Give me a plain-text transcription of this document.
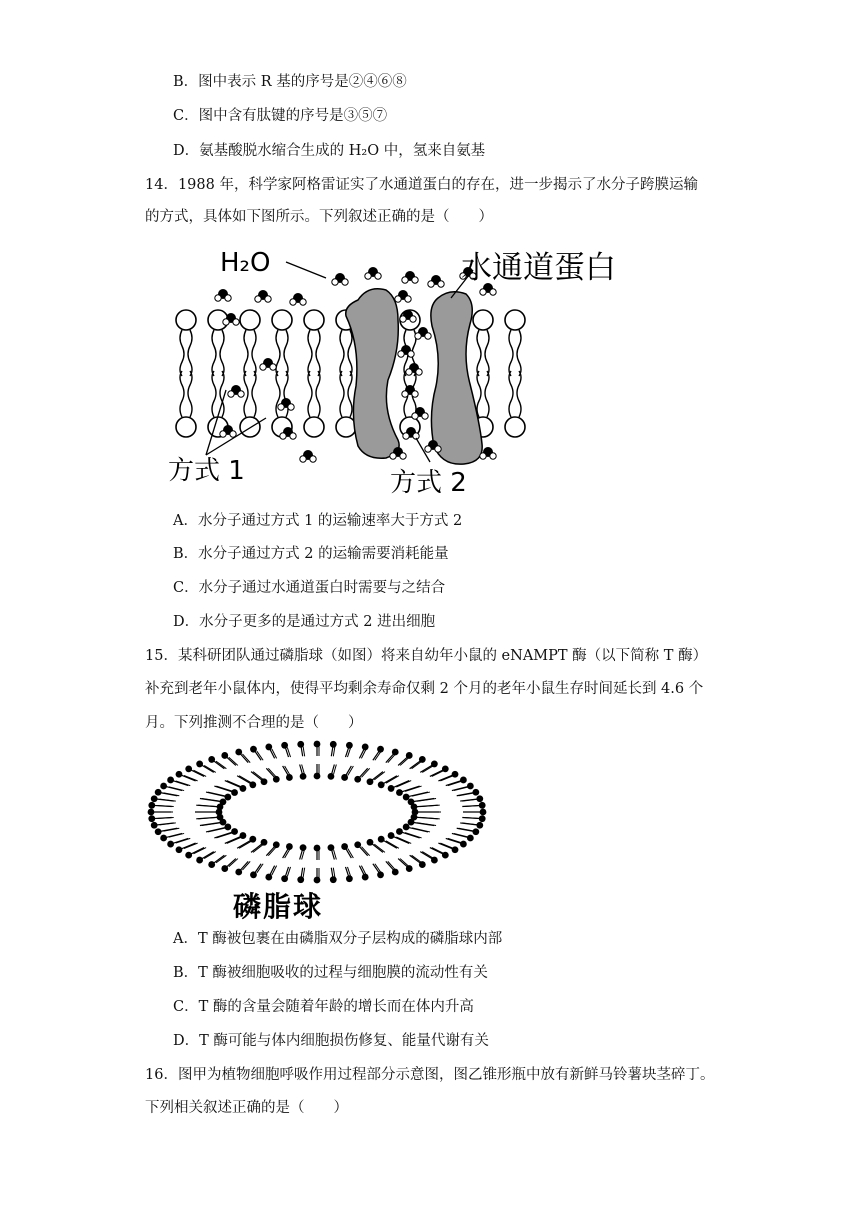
B．图中表示 R 基的序号是②④⑥⑧
C．图中含有肽键的序号是③⑤⑦
D．氨基酸脱水缩合生成的 H₂O 中，氢来自氨基
14．1988 年，科学家阿格雷证实了水通道蛋白的存在，进一步揭示了水分子跨膜运输
的方式，具体如下图所示。下列叙述正确的是（　　）
H₂O	水通道蛋白
方式 1	方式 2
A．水分子通过方式 1 的运输速率大于方式 2
B．水分子通过方式 2 的运输需要消耗能量
C．水分子通过水通道蛋白时需要与之结合
D．水分子更多的是通过方式 2 进出细胞
15．某科研团队通过磷脂球（如图）将来自幼年小鼠的 eNAMPT 酶（以下简称 T 酶）
补充到老年小鼠体内，使得平均剩余寿命仅剩 2 个月的老年小鼠生存时间延长到 4.6 个
月。下列推测不合理的是（　　）
磷脂球
A．T 酶被包裹在由磷脂双分子层构成的磷脂球内部
B．T 酶被细胞吸收的过程与细胞膜的流动性有关
C．T 酶的含量会随着年龄的增长而在体内升高
D．T 酶可能与体内细胞损伤修复、能量代谢有关
16．图甲为植物细胞呼吸作用过程部分示意图，图乙锥形瓶中放有新鲜马铃薯块茎碎丁。
下列相关叙述正确的是（　　）
